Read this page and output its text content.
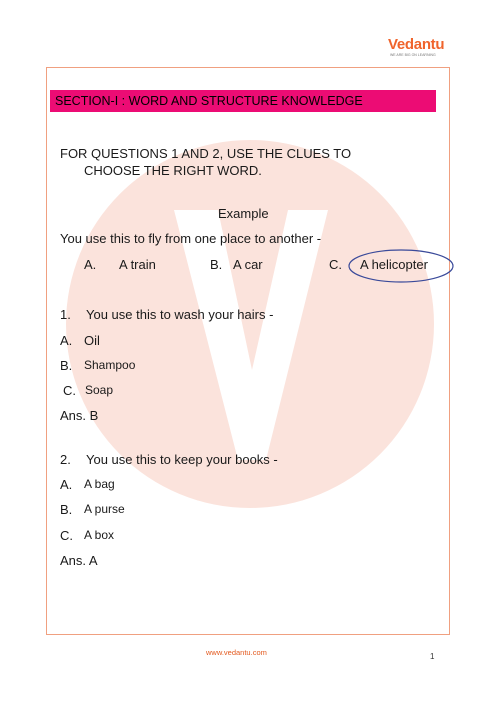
Vedantu
WE ARE BIG ON LEARNING
SECTION-I : WORD AND STRUCTURE KNOWLEDGE
FOR QUESTIONS 1 AND 2, USE THE CLUES TO
CHOOSE THE RIGHT WORD.
Example
You use this to fly from one place to another -
A. A train	B. A car	C. A helicopter
1. You use this to wash your hairs -
A. Oil
B. Shampoo
C. Soap
Ans. B
2. You use this to keep your books -
A. A bag
B. A purse
C. A box
Ans. A
www.vedantu.com	1
